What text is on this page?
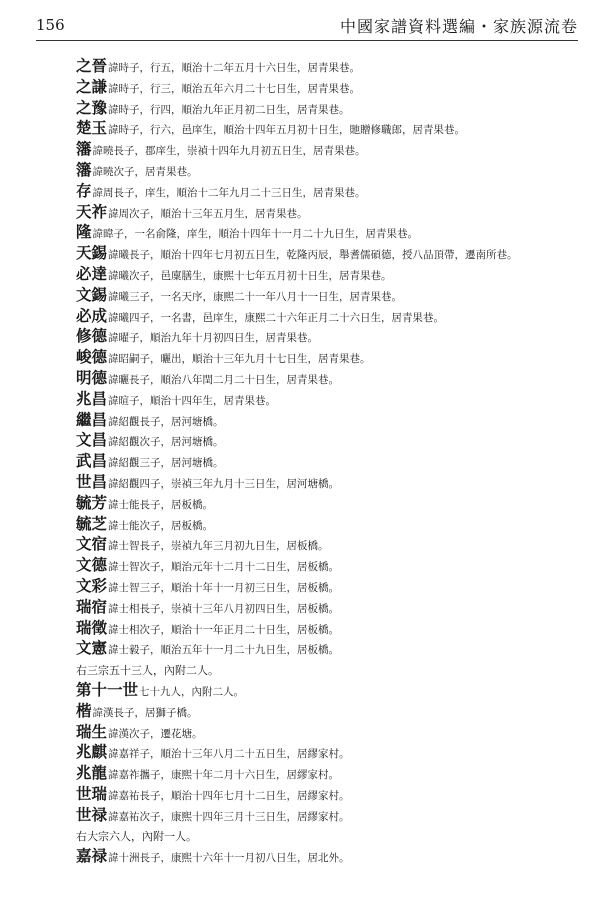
156	中國家譜資料選編・家族源流卷
之晉諱時子，行五，順治十二年五月十六日生，居青果巷。
之謙諱時子，行三，順治五年六月二十七日生，居青果巷。
之豫諱時子，行四，順治九年正月初二日生，居青果巷。
楚玉諱時子，行六，邑庠生，順治十四年五月初十日生，貤贈修職郎，居青果巷。
籓諱曉長子，郡庠生，崇禎十四年九月初五日生，居青果巷。
籓諱曉次子，居青果巷。
存諱周長子，庠生，順治十二年九月二十三日生，居青果巷。
天祚諱周次子，順治十三年五月生，居青果巷。
隆諱暐子，一名俞隆，庠生，順治十四年十一月二十九日生，居青果巷。
天錫諱曦長子，順治十四年七月初五日生，乾隆丙辰，舉耆儒碩德，授八品頂帶，遷南所巷。
必達諱曦次子，邑廩膳生，康熙十七年五月初十日生，居青果巷。
文錫諱曦三子，一名天序，康熙二十一年八月十一日生，居青果巷。
必成諱曦四子，一名書，邑庠生，康熙二十六年正月二十六日生，居青果巷。
修德諱曜子，順治九年十月初四日生，居青果巷。
峻德諱昭嗣子，曬出，順治十三年九月十七日生，居青果巷。
明德諱曬長子，順治八年閏二月二十日生，居青果巷。
兆昌諱暄子，順治十四年生，居青果巷。
繼昌諱紹觀長子，居河塘橋。
文昌諱紹觀次子，居河塘橋。
武昌諱紹觀三子，居河塘橋。
世昌諱紹觀四子，崇禎三年九月十三日生，居河塘橋。
毓芳諱士能長子，居板橋。
毓芝諱士能次子，居板橋。
文宿諱士智長子，崇禎九年三月初九日生，居板橋。
文德諱士智次子，順治元年十二月十二日生，居板橋。
文彩諱士智三子，順治十年十一月初三日生，居板橋。
瑞宿諱士相長子，崇禎十三年八月初四日生，居板橋。
瑞徵諱士相次子，順治十一年正月二十日生，居板橋。
文憲諱士毅子，順治五年十一月二十九日生，居板橋。
右三宗五十三人，內附二人。
第十一世七十九人，內附二人。
楷諱漢長子，居獅子橋。
瑞生諱漢次子，遷花塘。
兆麒諱嘉祥子，順治十三年八月二十五日生，居繆家村。
兆龍諱嘉祚攜子，康熙十年二月十六日生，居繆家村。
世瑞諱嘉祐長子，順治十四年七月十二日生，居繆家村。
世禄諱嘉祐次子，康熙十四年三月十三日生，居繆家村。
右大宗六人，內附一人。
嘉禄諱十洲長子，康熙十六年十一月初八日生，居北外。
